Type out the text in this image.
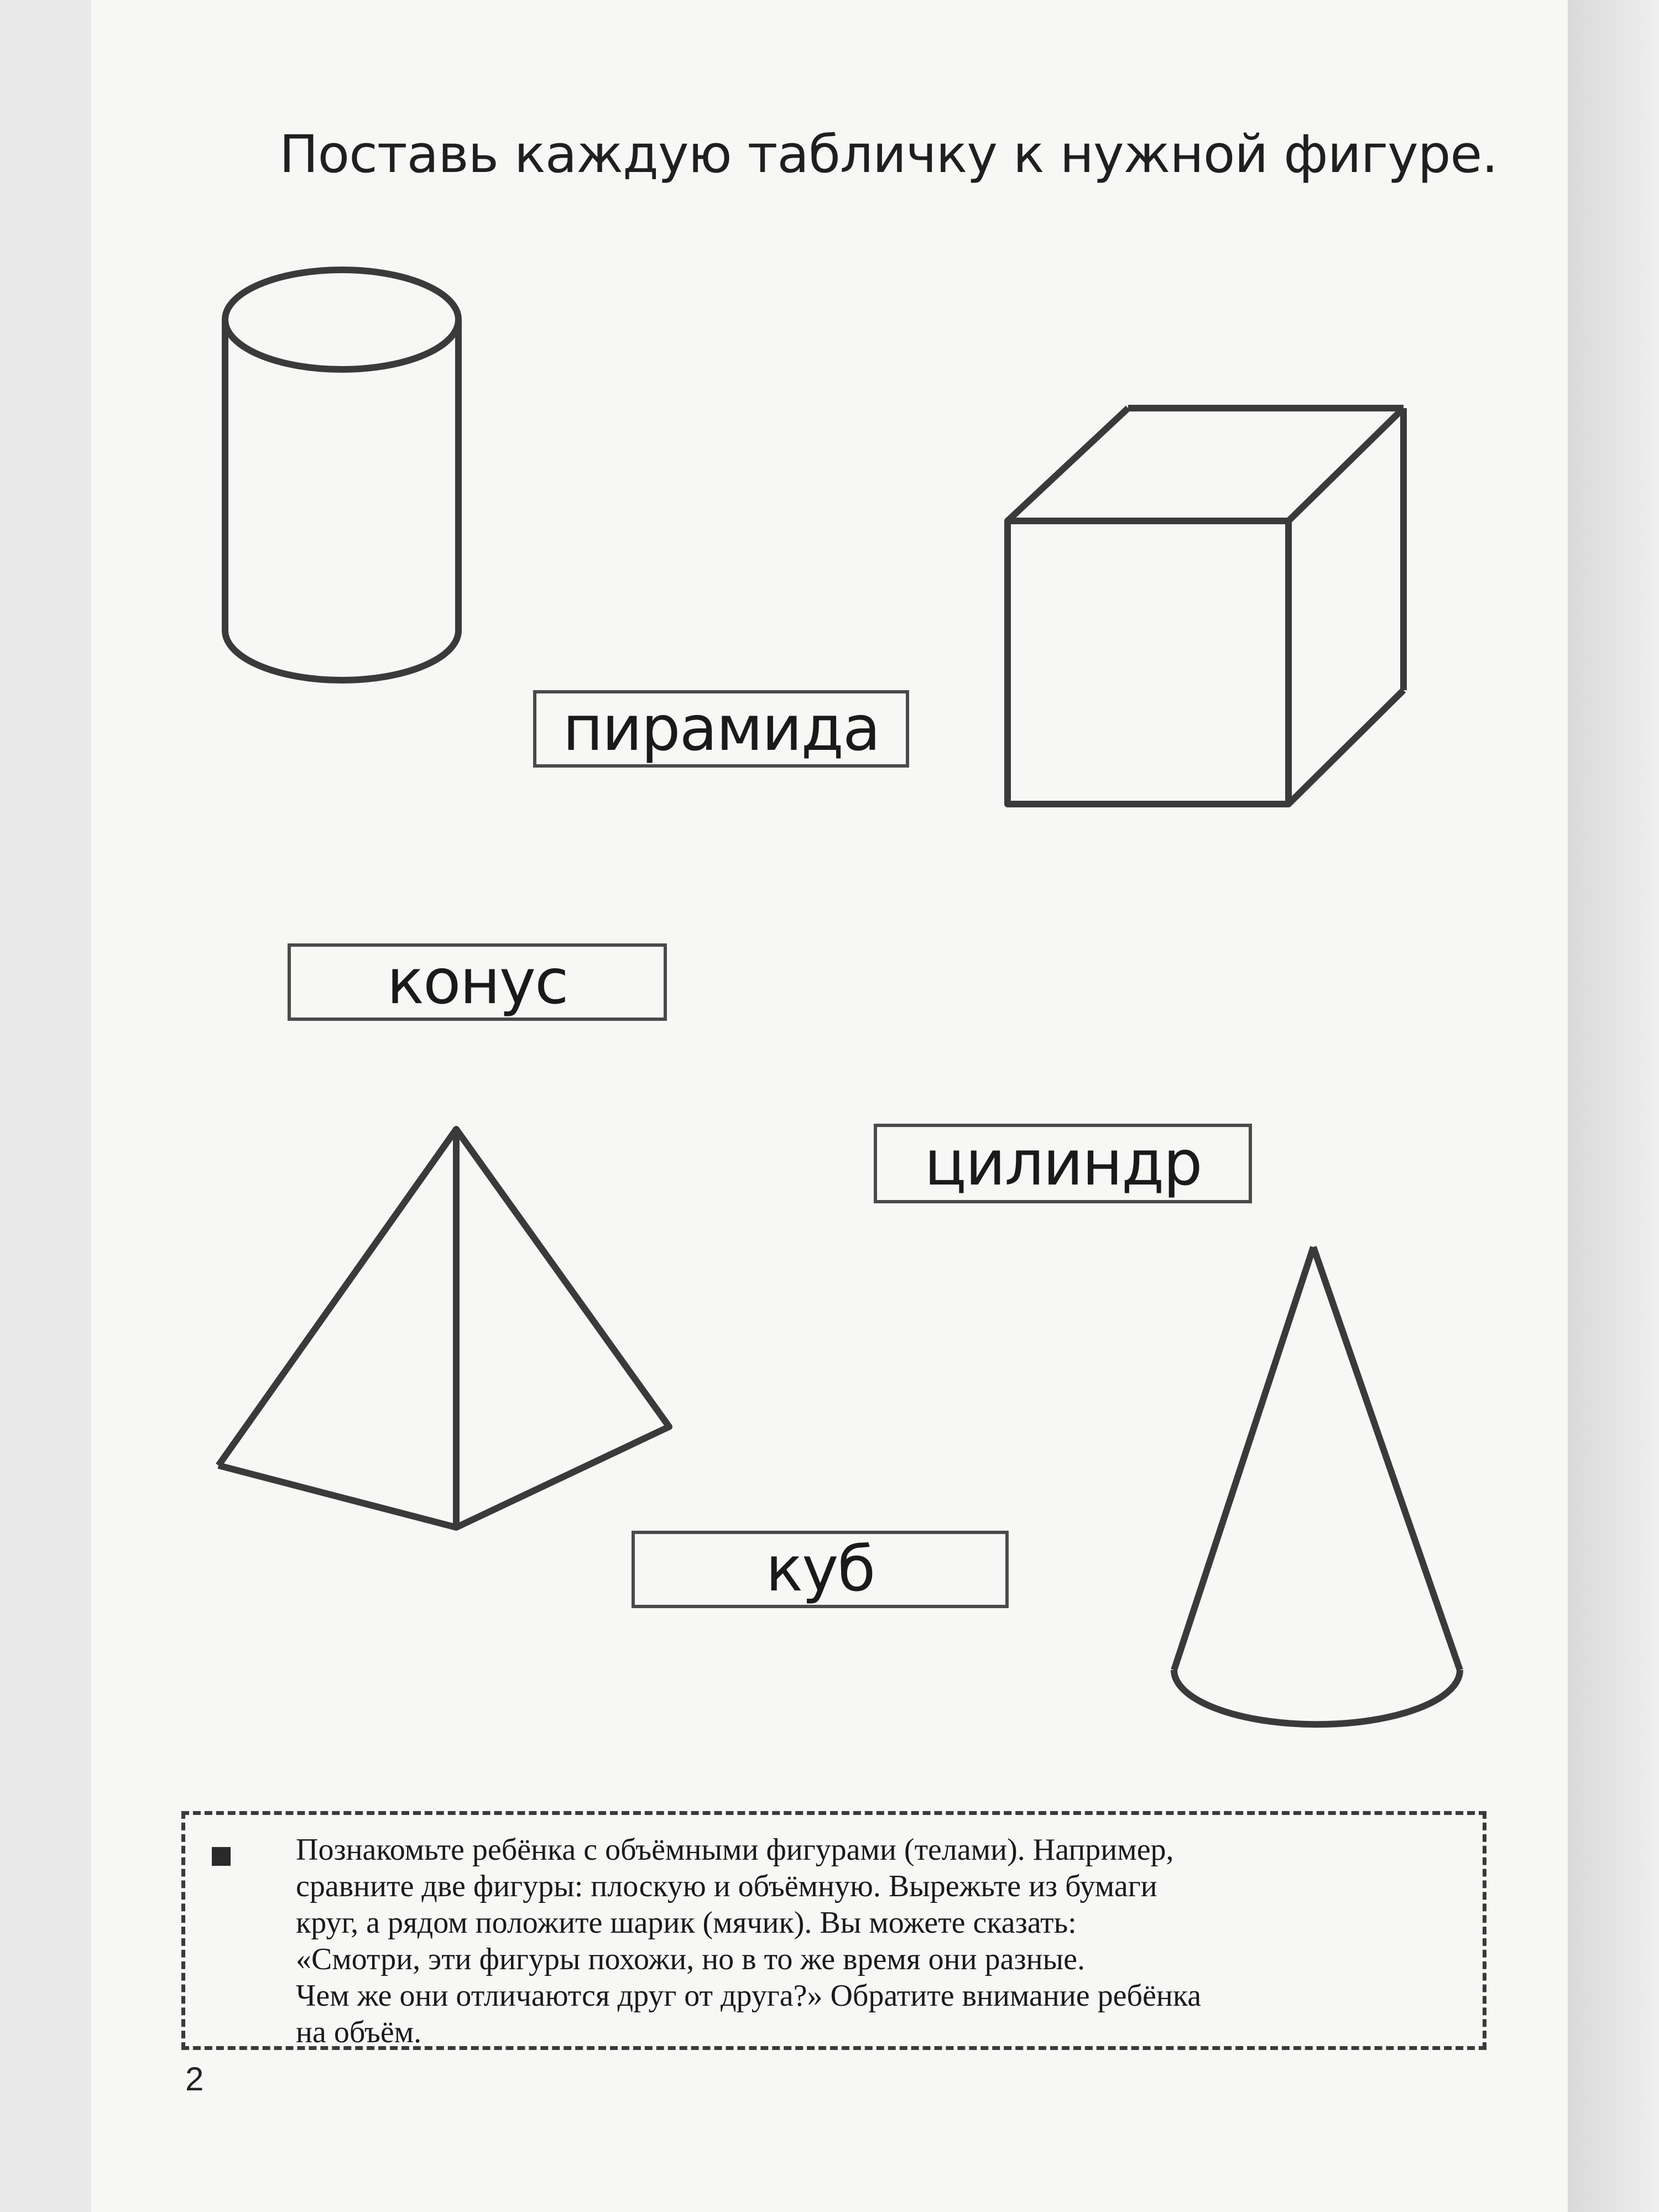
Поставь каждую табличку к нужной фигуре.
пирамида
конус
цилиндр
куб
Познакомьте ребёнка с объёмными фигурами (телами). Например,
сравните две фигуры: плоскую и объёмную. Вырежьте из бумаги
круг, а рядом положите шарик (мячик). Вы можете сказать:
«Смотри, эти фигуры похожи, но в то же время они разные.
Чем же они отличаются друг от друга?» Обратите внимание ребёнка
на объём.
2
